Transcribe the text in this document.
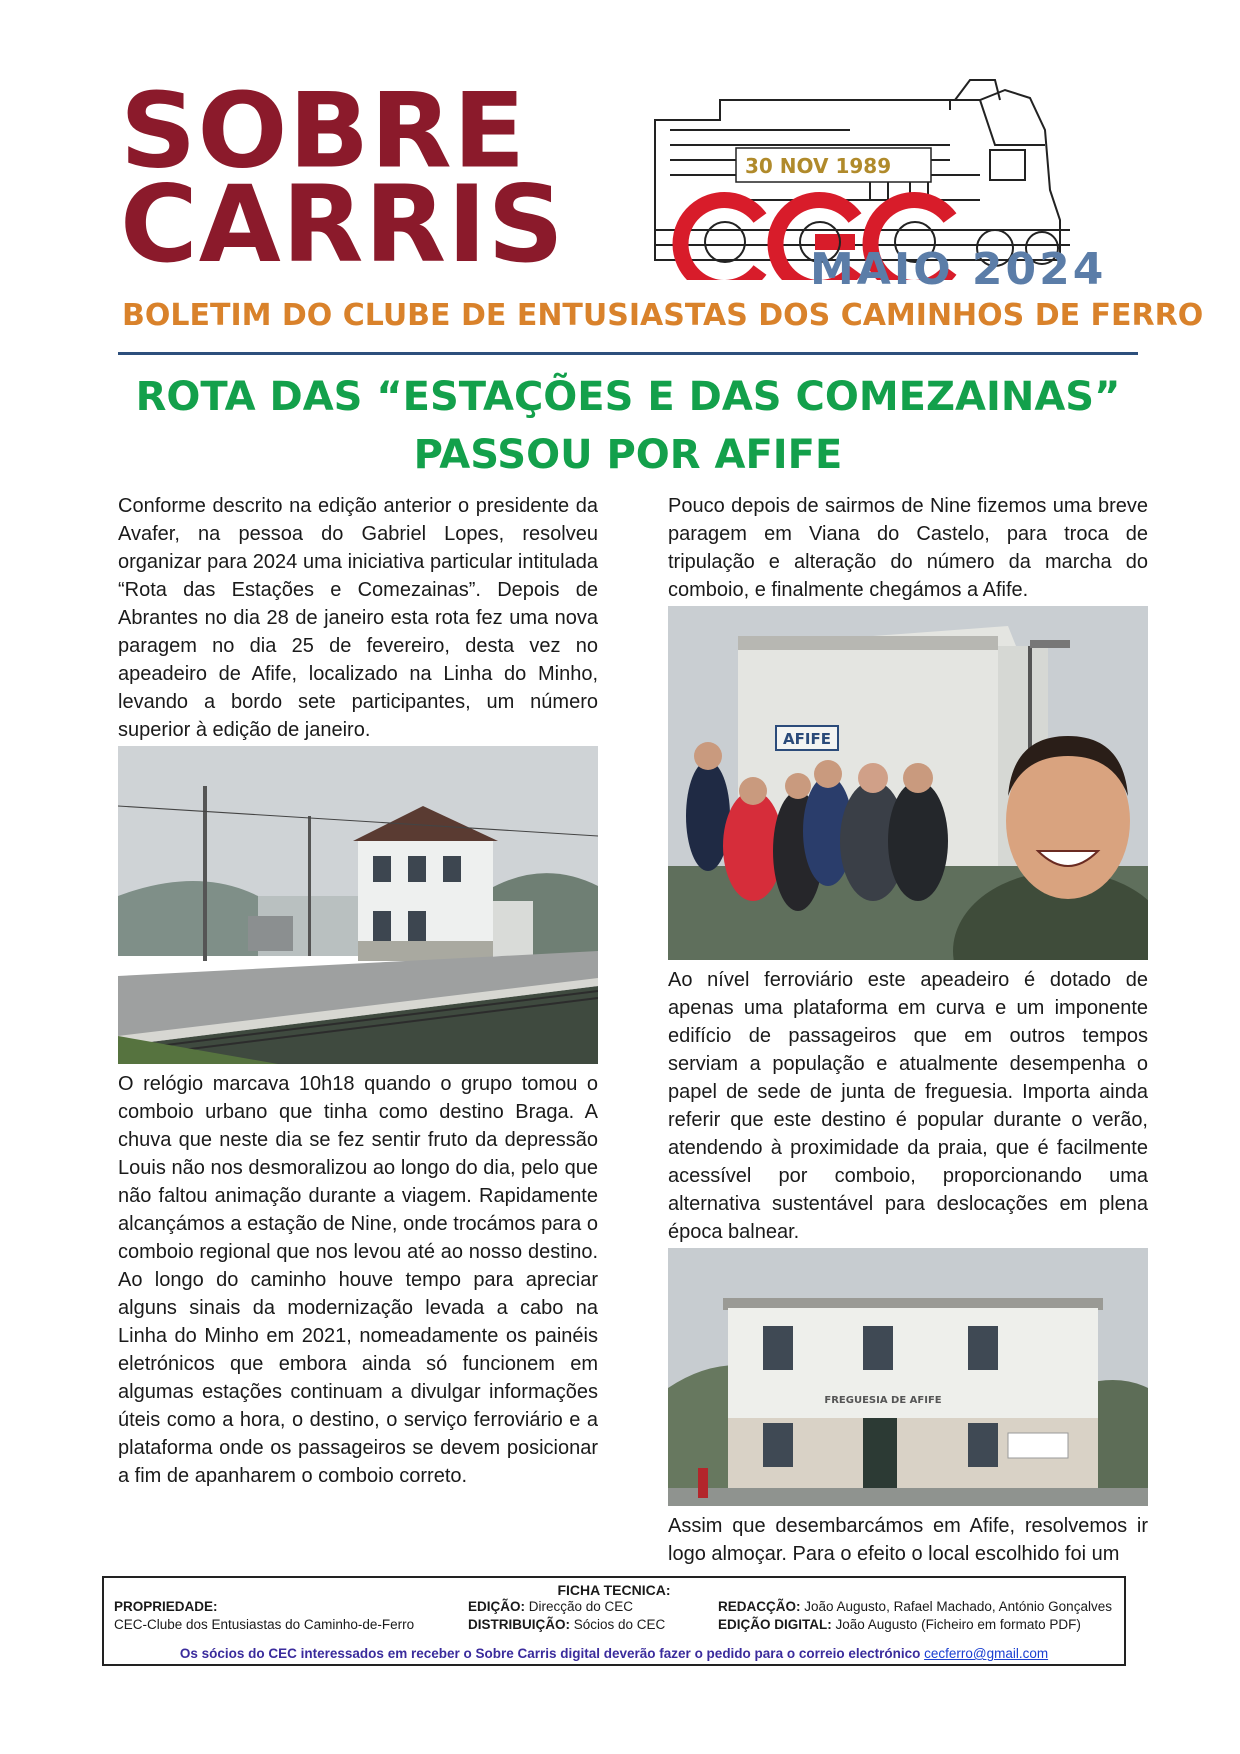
SOBRE
CARRIS	30 NOV 1989
MAIO 2024
BOLETIM DO CLUBE DE ENTUSIASTAS DOS CAMINHOS DE FERRO
ROTA DAS “ESTAÇÕES E DAS COMEZAINAS”
PASSOU POR AFIFE

Conforme descrito na edição anterior o presidente da Avafer, na pessoa do Gabriel Lopes, resolveu organizar para 2024 uma iniciativa particular intitulada “Rota das Estações e Comezainas”. Depois de Abrantes no dia 28 de janeiro esta rota fez uma nova paragem no dia 25 de fevereiro, desta vez no apeadeiro de Afife, localizado na Linha do Minho, levando a bordo sete participantes, um número superior à edição de janeiro.

O relógio marcava 10h18 quando o grupo tomou o comboio urbano que tinha como destino Braga. A chuva que neste dia se fez sentir fruto da depressão Louis não nos desmoralizou ao longo do dia, pelo que não faltou animação durante a viagem. Rapidamente alcançámos a estação de Nine, onde trocámos para o comboio regional que nos levou até ao nosso destino. Ao longo do caminho houve tempo para apreciar alguns sinais da modernização levada a cabo na Linha do Minho em 2021, nomeadamente os painéis eletrónicos que embora ainda só funcionem em algumas estações continuam a divulgar informações úteis como a hora, o destino, o serviço ferroviário e a plataforma onde os passageiros se devem posicionar a fim de apanharem o comboio correto.

Pouco depois de sairmos de Nine fizemos uma breve paragem em Viana do Castelo, para troca de tripulação e alteração do número da marcha do comboio, e finalmente chegámos a Afife.

AFIFE

Ao nível ferroviário este apeadeiro é dotado de apenas uma plataforma em curva e um imponente edifício de passageiros que em outros tempos serviam a população e atualmente desempenha o papel de sede de junta de freguesia. Importa ainda referir que este destino é popular durante o verão, atendendo à proximidade da praia, que é facilmente acessível por comboio, proporcionando uma alternativa sustentável para deslocações em plena época balnear.

FREGUESIA DE AFIFE

Assim que desembarcámos em Afife, resolvemos ir logo almoçar. Para o efeito o local escolhido foi um

FICHA TECNICA:
PROPRIEDADE:
CEC-Clube dos Entusiastas do Caminho-de-Ferro
EDIÇÃO: Direcção do CEC
DISTRIBUIÇÃO: Sócios do CEC
REDACÇÃO: João Augusto, Rafael Machado, António Gonçalves
EDIÇÃO DIGITAL: João Augusto (Ficheiro em formato PDF)
Os sócios do CEC interessados em receber o Sobre Carris digital deverão fazer o pedido para o correio electrónico cecferro@gmail.com
